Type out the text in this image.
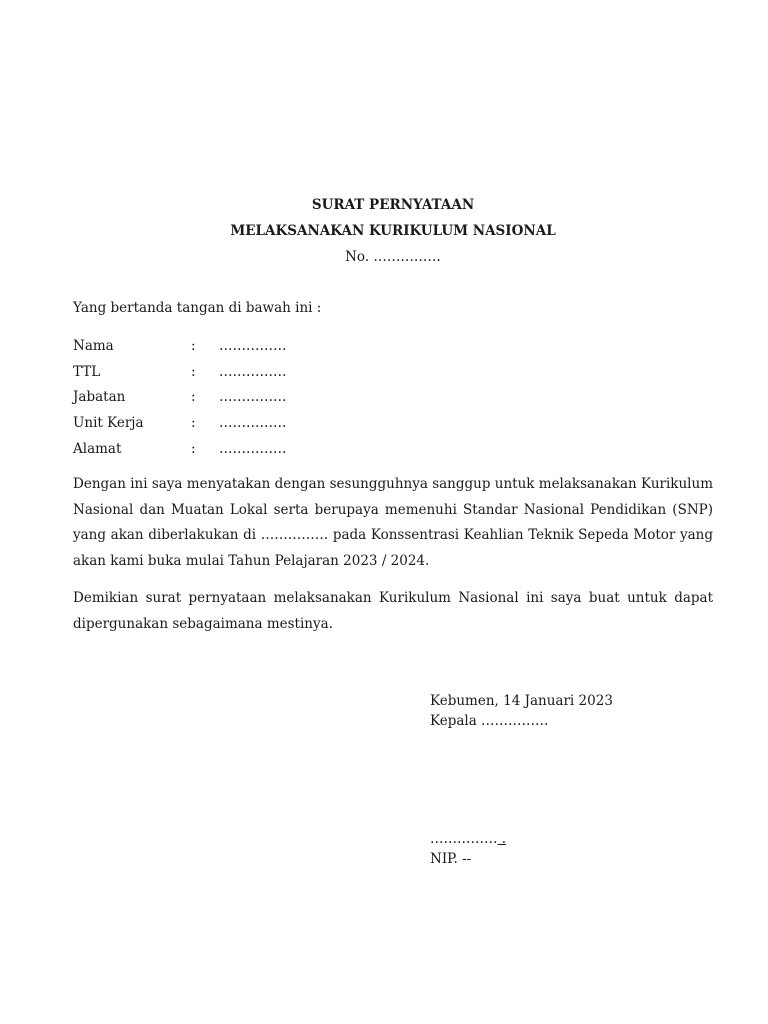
SURAT PERNYATAAN
MELAKSANAKAN KURIKULUM NASIONAL
No. ……………
Yang bertanda tangan di bawah ini :
Nama	: ……………
TTL	: ……………
Jabatan	: ……………
Unit Kerja	: ……………
Alamat	: ……………
Dengan ini saya menyatakan dengan sesungguhnya sanggup untuk melaksanakan Kurikulum Nasional dan Muatan Lokal serta berupaya memenuhi Standar Nasional Pendidikan (SNP) yang akan diberlakukan di …………… pada Konssentrasi Keahlian Teknik Sepeda Motor yang akan kami buka mulai Tahun Pelajaran 2023 / 2024.
Demikian surat pernyataan melaksanakan Kurikulum Nasional ini saya buat untuk dapat dipergunakan sebagaimana mestinya.
Kebumen, 14 Januari 2023
Kepala ……………
…………… .
NIP. --
